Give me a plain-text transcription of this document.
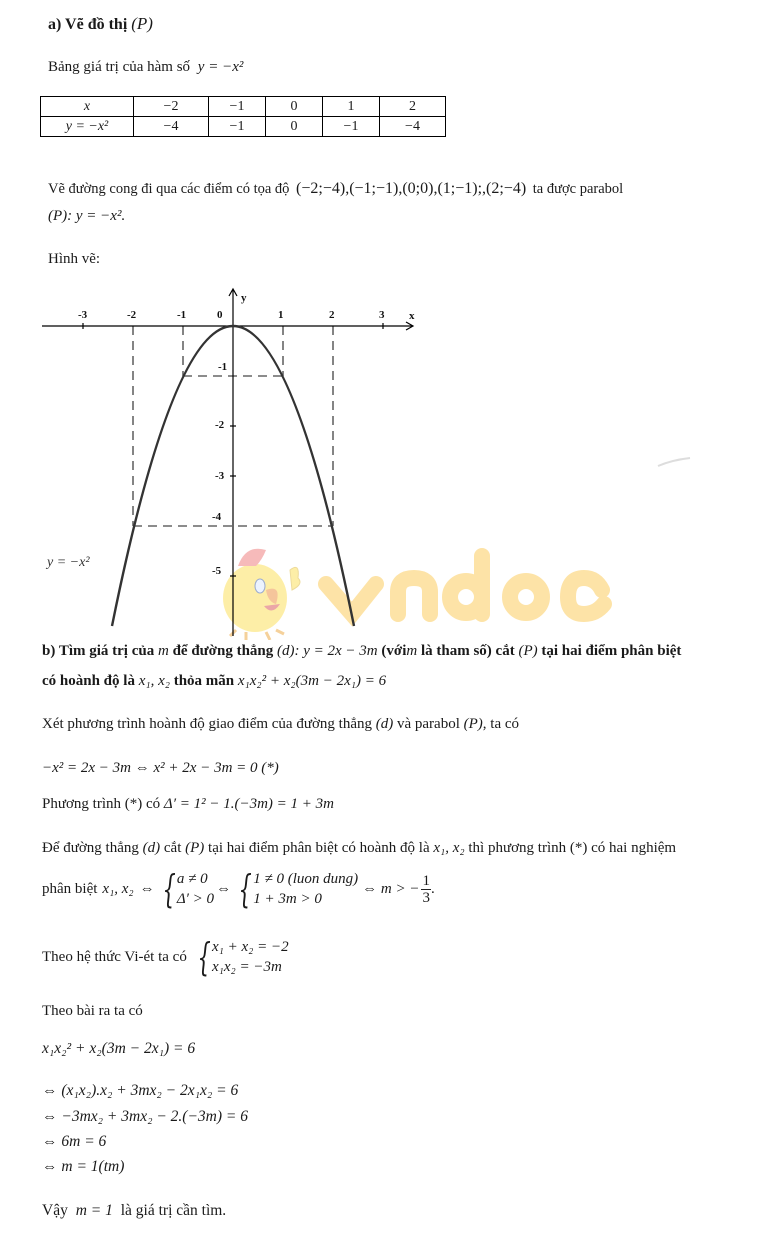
a) Vẽ đồ thị (P)
Bảng giá trị của hàm số y = −x²
x	−2	−1	0	1	2
y = −x²	−4	−1	0	−1	−4
Vẽ đường cong đi qua các điểm có tọa độ (−2;−4),(−1;−1),(0;0),(1;−1);,(2;−4) ta được parabol
(P): y = −x².
Hình vẽ:
-3	-2	-1	0	1	2	3 x
y
-1
-2
-3
-4
-5
y = −x²
b) Tìm giá trị của m để đường thẳng (d): y = 2x − 3m (vớim là tham số) cắt (P) tại hai điểm phân biệt
có hoành độ là x₁, x₂ thỏa mãn x₁x₂² + x₂(3m − 2x₁) = 6
Xét phương trình hoành độ giao điểm của đường thẳng (d) và parabol (P), ta có
−x² = 2x − 3m ⇔ x² + 2x − 3m = 0 (*)
Phương trình (*) có Δ′ = 1² − 1.(−3m) = 1 + 3m
Để đường thẳng (d) cắt (P) tại hai điểm phân biệt có hoành độ là x₁, x₂ thì phương trình (*) có hai nghiệm
phân biệt x₁, x₂ ⇔ { a ≠ 0
Δ′ > 0
⇔ { 1 ≠ 0 (luon dung)
1 + 3m > 0
⇔ m > − $\frac{1}{3}$ .
Theo hệ thức Vi-ét ta có { x₁ + x₂ = −2
x₁x₂ = −3m
Theo bài ra ta có
x₁x₂² + x₂(3m − 2x₁) = 6
⇔ (x₁x₂).x₂ + 3mx₂ − 2x₁x₂ = 6
⇔ −3mx₂ + 3mx₂ − 2.(−3m) = 6
⇔ 6m = 6
⇔ m = 1(tm)
Vậy m = 1 là giá trị cần tìm.
